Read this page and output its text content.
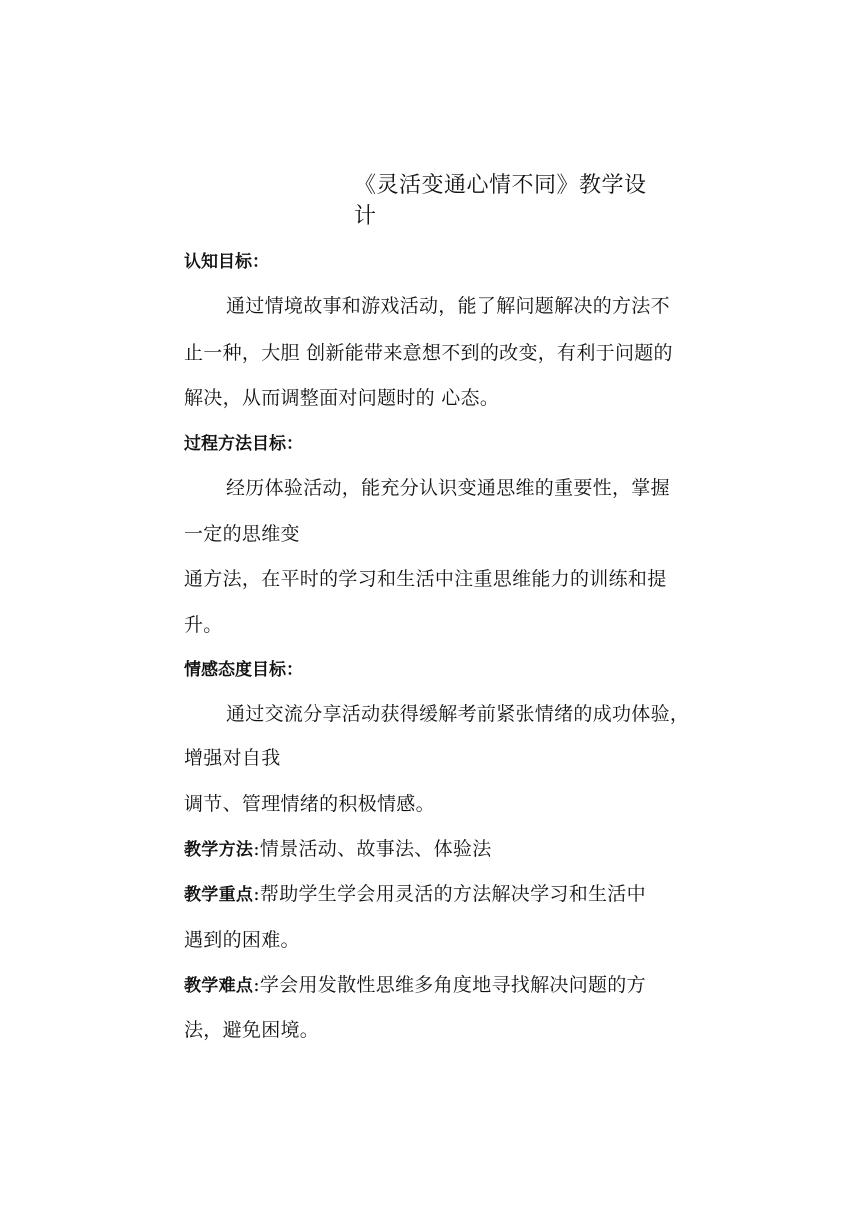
《灵活变通心情不同》教学设
计
认知目标：
通过情境故事和游戏活动，能了解问题解决的方法不
止一种，大胆 创新能带来意想不到的改变，有利于问题的
解决，从而调整面对问题时的 心态。
过程方法目标：
经历体验活动，能充分认识变通思维的重要性，掌握
一定的思维变
通方法，在平时的学习和生活中注重思维能力的训练和提
升。
情感态度目标：
通过交流分享活动获得缓解考前紧张情绪的成功体验，
增强对自我
调节、管理情绪的积极情感。
教学方法:情景活动、故事法、体验法
教学重点:帮助学生学会用灵活的方法解决学习和生活中
遇到的困难。
教学难点:学会用发散性思维多角度地寻找解决问题的方
法，避免困境。
